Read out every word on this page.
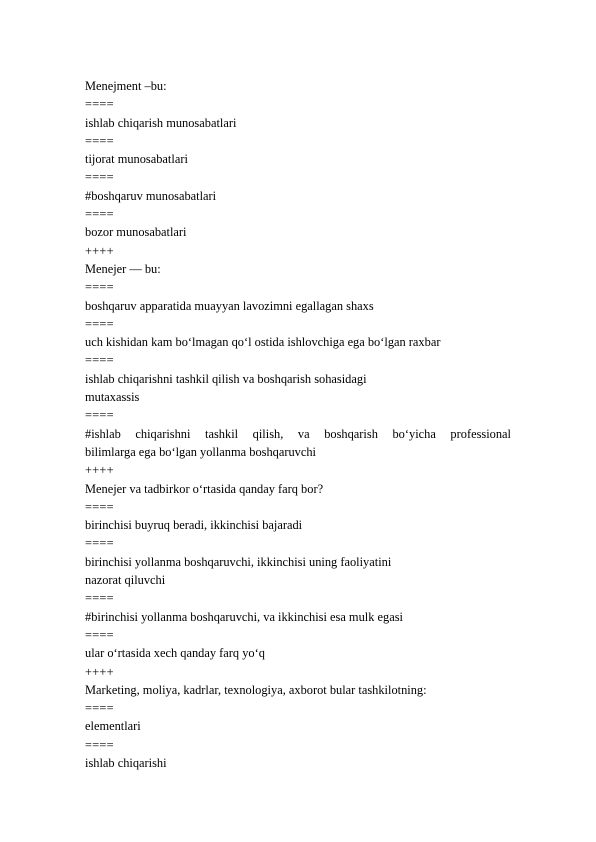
Menejment –bu:
====
ishlab chiqarish munosabatlari
====
tijorat munosabatlari
====
#boshqaruv munosabatlari
====
bozor munosabatlari
++++
Menejer — bu:
====
boshqaruv apparatida muayyan lavozimni egallagan shaxs
====
uch kishidan kam bo‘lmagan qo‘l ostida ishlovchiga ega bo‘lgan raxbar
====
ishlab chiqarishni tashkil qilish va boshqarish sohasidagi
mutaxassis
====
#ishlab chiqarishni tashkil qilish, va boshqarish bo‘yicha professional
bilimlarga ega bo‘lgan yollanma boshqaruvchi
++++
Menejer va tadbirkor o‘rtasida qanday farq bor?
====
birinchisi buyruq beradi, ikkinchisi bajaradi
====
birinchisi yollanma boshqaruvchi, ikkinchisi uning faoliyatini
nazorat qiluvchi
====
#birinchisi yollanma boshqaruvchi, va ikkinchisi esa mulk egasi
====
ular o‘rtasida xech qanday farq yo‘q
++++
Marketing, moliya, kadrlar, texnologiya, axborot bular tashkilotning:
====
elementlari
====
ishlab chiqarishi
